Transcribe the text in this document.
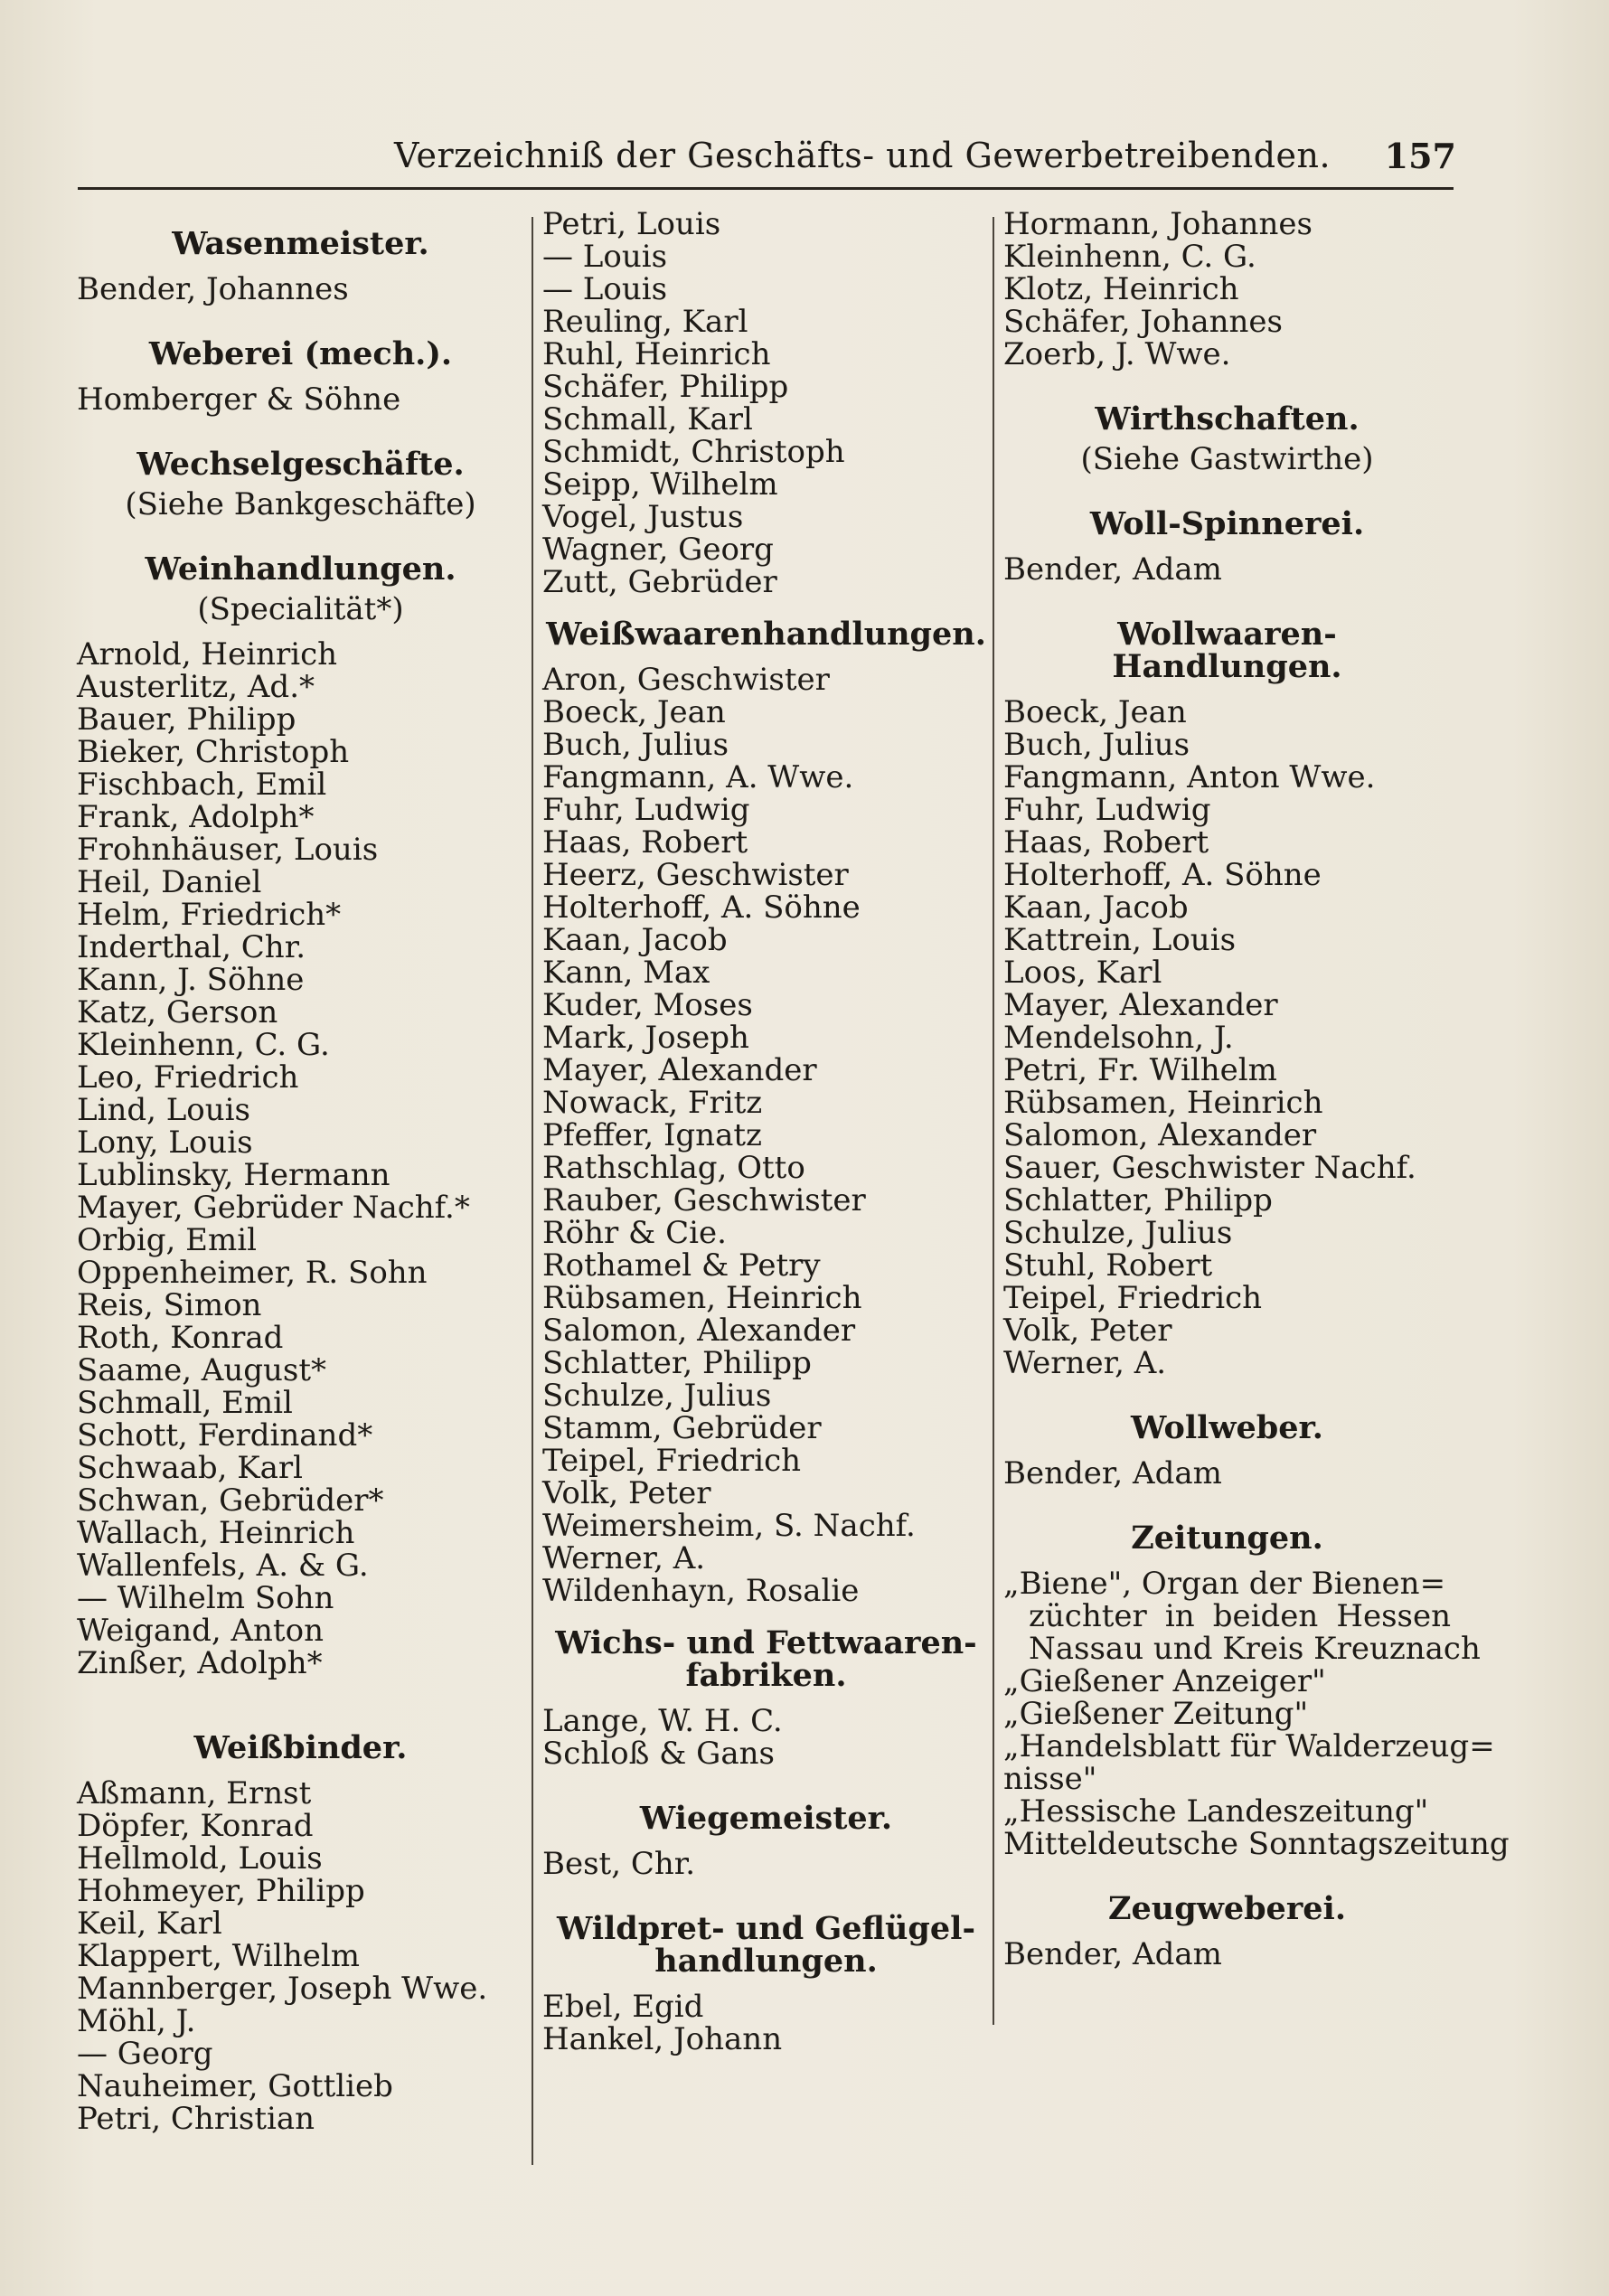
Verzeichniß der Geschäfts- und Gewerbetreibenden. 157
Wasenmeister.
Bender, Johannes
Weberei (mech.).
Homberger & Söhne
Wechselgeschäfte.
(Siehe Bankgeschäfte)
Weinhandlungen.
(Specialität*)
Arnold, Heinrich
Austerlitz, Ad.*
Bauer, Philipp
Bieker, Christoph
Fischbach, Emil
Frank, Adolph*
Frohnhäuser, Louis
Heil, Daniel
Helm, Friedrich*
Inderthal, Chr.
Kann, J. Söhne
Katz, Gerson
Kleinhenn, C. G.
Leo, Friedrich
Lind, Louis
Lony, Louis
Lublinsky, Hermann
Mayer, Gebrüder Nachf.*
Orbig, Emil
Oppenheimer, R. Sohn
Reis, Simon
Roth, Konrad
Saame, August*
Schmall, Emil
Schott, Ferdinand*
Schwaab, Karl
Schwan, Gebrüder*
Wallach, Heinrich
Wallenfels, A. & G.
— Wilhelm Sohn
Weigand, Anton
Zinßer, Adolph*
Weißbinder.
Aßmann, Ernst
Döpfer, Konrad
Hellmold, Louis
Hohmeyer, Philipp
Keil, Karl
Klappert, Wilhelm
Mannberger, Joseph Wwe.
Möhl, J.
— Georg
Nauheimer, Gottlieb
Petri, Christian
Petri, Louis
— Louis
— Louis
Reuling, Karl
Ruhl, Heinrich
Schäfer, Philipp
Schmall, Karl
Schmidt, Christoph
Seipp, Wilhelm
Vogel, Justus
Wagner, Georg
Zutt, Gebrüder
Weißwaarenhandlungen.
Aron, Geschwister
Boeck, Jean
Buch, Julius
Fangmann, A. Wwe.
Fuhr, Ludwig
Haas, Robert
Heerz, Geschwister
Holterhoff, A. Söhne
Kaan, Jacob
Kann, Max
Kuder, Moses
Mark, Joseph
Mayer, Alexander
Nowack, Fritz
Pfeffer, Ignatz
Rathschlag, Otto
Rauber, Geschwister
Röhr & Cie.
Rothamel & Petry
Rübsamen, Heinrich
Salomon, Alexander
Schlatter, Philipp
Schulze, Julius
Stamm, Gebrüder
Teipel, Friedrich
Volk, Peter
Weimersheim, S. Nachf.
Werner, A.
Wildenhayn, Rosalie
Wichs- und Fettwaaren-
fabriken.
Lange, W. H. C.
Schloß & Gans
Wiegemeister.
Best, Chr.
Wildpret- und Geflügel-
handlungen.
Ebel, Egid
Hankel, Johann
Hormann, Johannes
Kleinhenn, C. G.
Klotz, Heinrich
Schäfer, Johannes
Zoerb, J. Wwe.
Wirthschaften.
(Siehe Gastwirthe)
Woll-Spinnerei.
Bender, Adam
Wollwaaren-Handlungen.
Boeck, Jean
Buch, Julius
Fangmann, Anton Wwe.
Fuhr, Ludwig
Haas, Robert
Holterhoff, A. Söhne
Kaan, Jacob
Kattrein, Louis
Loos, Karl
Mayer, Alexander
Mendelsohn, J.
Petri, Fr. Wilhelm
Rübsamen, Heinrich
Salomon, Alexander
Sauer, Geschwister Nachf.
Schlatter, Philipp
Schulze, Julius
Stuhl, Robert
Teipel, Friedrich
Volk, Peter
Werner, A.
Wollweber.
Bender, Adam
Zeitungen.
„Biene", Organ der Bienen=
züchter in beiden Hessen
Nassau und Kreis Kreuznach
„Gießener Anzeiger"
„Gießener Zeitung"
„Handelsblatt für Walderzeug=
nisse"
„Hessische Landeszeitung"
Mitteldeutsche Sonntagszeitung
Zeugweberei.
Bender, Adam
